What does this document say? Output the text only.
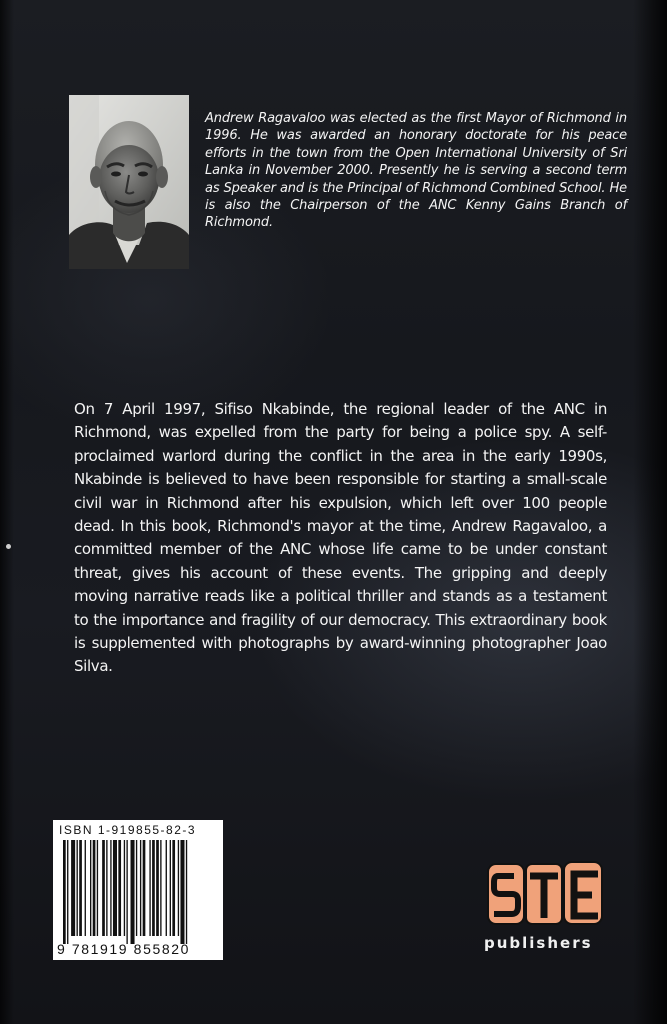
Andrew Ragavaloo was elected as the first Mayor of Richmond in 1996. He was awarded an honorary doctorate for his peace efforts in the town from the Open International University of Sri Lanka in November 2000. Presently he is serving a second term as Speaker and is the Principal of Richmond Combined School. He is also the Chairperson of the ANC Kenny Gains Branch of Richmond.

On 7 April 1997, Sifiso Nkabinde, the regional leader of the ANC in Richmond, was expelled from the party for being a police spy. A self-proclaimed warlord during the conflict in the area in the early 1990s, Nkabinde is believed to have been responsible for starting a small-scale civil war in Richmond after his expulsion, which left over 100 people dead. In this book, Richmond's mayor at the time, Andrew Ragavaloo, a committed member of the ANC whose life came to be under constant threat, gives his account of these events. The gripping and deeply moving narrative reads like a political thriller and stands as a testament to the importance and fragility of our democracy. This extraordinary book is supplemented with photographs by award-winning photographer Joao Silva.

ISBN 1-919855-82-3
9 781919 855820
STE
publishers
